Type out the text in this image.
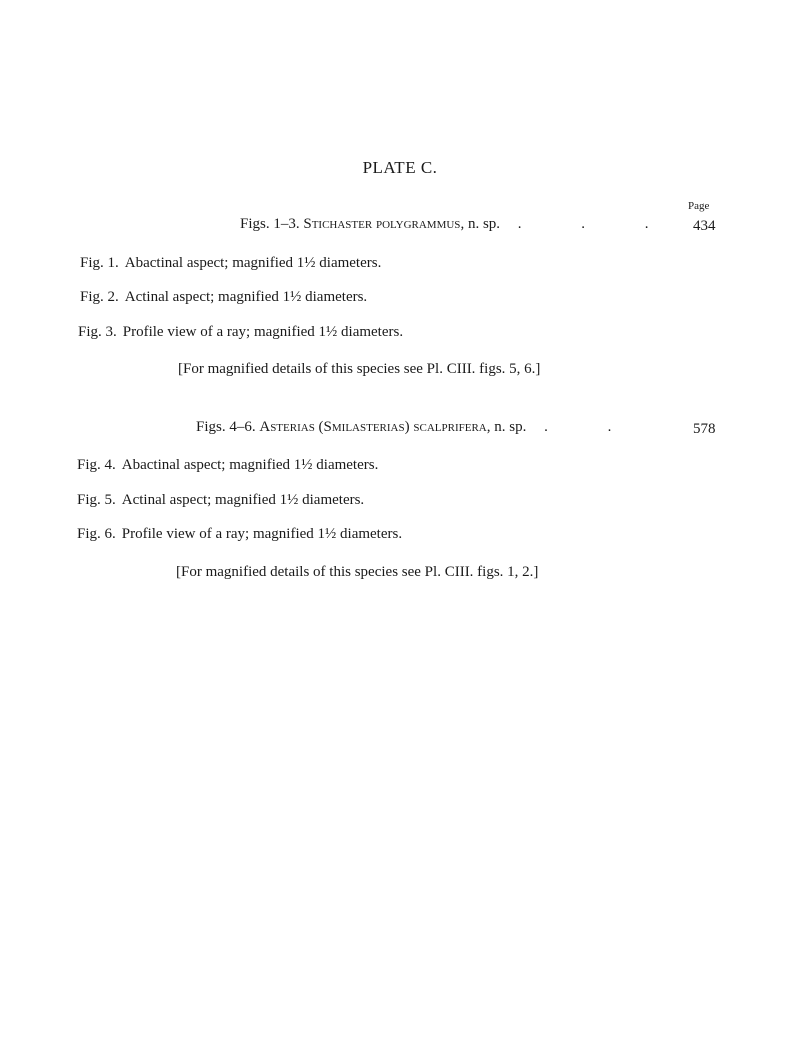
PLATE C.
Page
Figs. 1–3. Stichaster polygrammus, n. sp. . . . 434
Fig. 1. Abactinal aspect; magnified 1½ diameters.
Fig. 2. Actinal aspect; magnified 1½ diameters.
Fig. 3. Profile view of a ray; magnified 1½ diameters.
[For magnified details of this species see Pl. CIII. figs. 5, 6.]
Figs. 4–6. Asterias (Smilasterias) scalprifera, n. sp. . .	578
Fig. 4. Abactinal aspect; magnified 1½ diameters.
Fig. 5. Actinal aspect; magnified 1½ diameters.
Fig. 6. Profile view of a ray; magnified 1½ diameters.
[For magnified details of this species see Pl. CIII. figs. 1, 2.]
